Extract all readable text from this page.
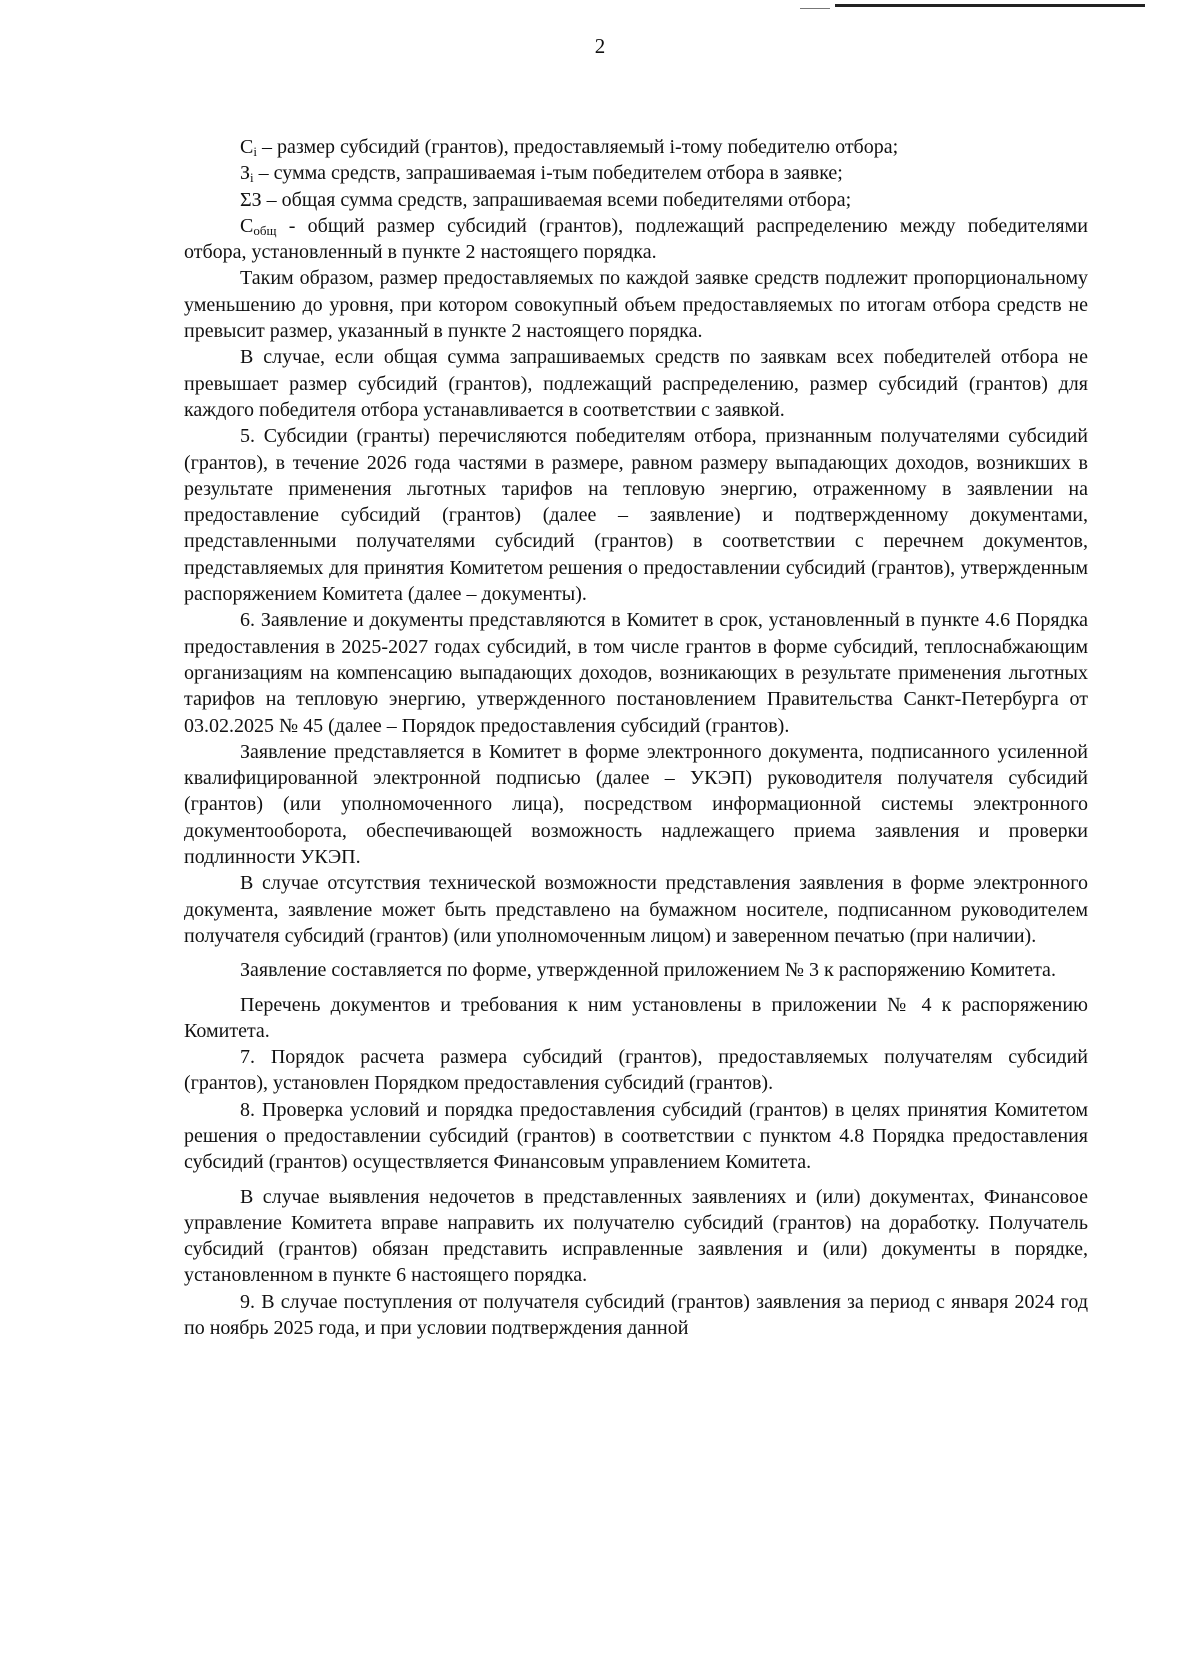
2

$C_i$ – размер субсидий (грантов), предоставляемый i-тому победителю отбора;

$З_i$ – сумма средств, запрашиваемая i-тым победителем отбора в заявке;

ΣЗ – общая сумма средств, запрашиваемая всеми победителями отбора;

$C_{общ}$ - общий размер субсидий (грантов), подлежащий распределению между победителями отбора, установленный в пункте 2 настоящего порядка.

Таким образом, размер предоставляемых по каждой заявке средств подлежит пропорциональному уменьшению до уровня, при котором совокупный объем предоставляемых по итогам отбора средств не превысит размер, указанный в пункте 2 настоящего порядка.

В случае, если общая сумма запрашиваемых средств по заявкам всех победителей отбора не превышает размер субсидий (грантов), подлежащий распределению, размер субсидий (грантов) для каждого победителя отбора устанавливается в соответствии с заявкой.

5. Субсидии (гранты) перечисляются победителям отбора, признанным получателями субсидий (грантов), в течение 2026 года частями в размере, равном размеру выпадающих доходов, возникших в результате применения льготных тарифов на тепловую энергию, отраженному в заявлении на предоставление субсидий (грантов) (далее – заявление) и подтвержденному документами, представленными получателями субсидий (грантов) в соответствии с перечнем документов, представляемых для принятия Комитетом решения о предоставлении субсидий (грантов), утвержденным распоряжением Комитета (далее – документы).

6. Заявление и документы представляются в Комитет в срок, установленный в пункте 4.6 Порядка предоставления в 2025-2027 годах субсидий, в том числе грантов в форме субсидий, теплоснабжающим организациям на компенсацию выпадающих доходов, возникающих в результате применения льготных тарифов на тепловую энергию, утвержденного постановлением Правительства Санкт-Петербурга от 03.02.2025 № 45 (далее – Порядок предоставления субсидий (грантов).

Заявление представляется в Комитет в форме электронного документа, подписанного усиленной квалифицированной электронной подписью (далее – УКЭП) руководителя получателя субсидий (грантов) (или уполномоченного лица), посредством информационной системы электронного документооборота, обеспечивающей возможность надлежащего приема заявления и проверки подлинности УКЭП.

В случае отсутствия технической возможности представления заявления в форме электронного документа, заявление может быть представлено на бумажном носителе, подписанном руководителем получателя субсидий (грантов) (или уполномоченным лицом) и заверенном печатью (при наличии).

Заявление составляется по форме, утвержденной приложением № 3 к распоряжению Комитета.

Перечень документов и требования к ним установлены в приложении № 4 к распоряжению Комитета.

7. Порядок расчета размера субсидий (грантов), предоставляемых получателям субсидий (грантов), установлен Порядком предоставления субсидий (грантов).

8. Проверка условий и порядка предоставления субсидий (грантов) в целях принятия Комитетом решения о предоставлении субсидий (грантов) в соответствии с пунктом 4.8 Порядка предоставления субсидий (грантов) осуществляется Финансовым управлением Комитета.

В случае выявления недочетов в представленных заявлениях и (или) документах, Финансовое управление Комитета вправе направить их получателю субсидий (грантов) на доработку. Получатель субсидий (грантов) обязан представить исправленные заявления и (или) документы в порядке, установленном в пункте 6 настоящего порядка.

9. В случае поступления от получателя субсидий (грантов) заявления за период с января 2024 год по ноябрь 2025 года, и при условии подтверждения данной
